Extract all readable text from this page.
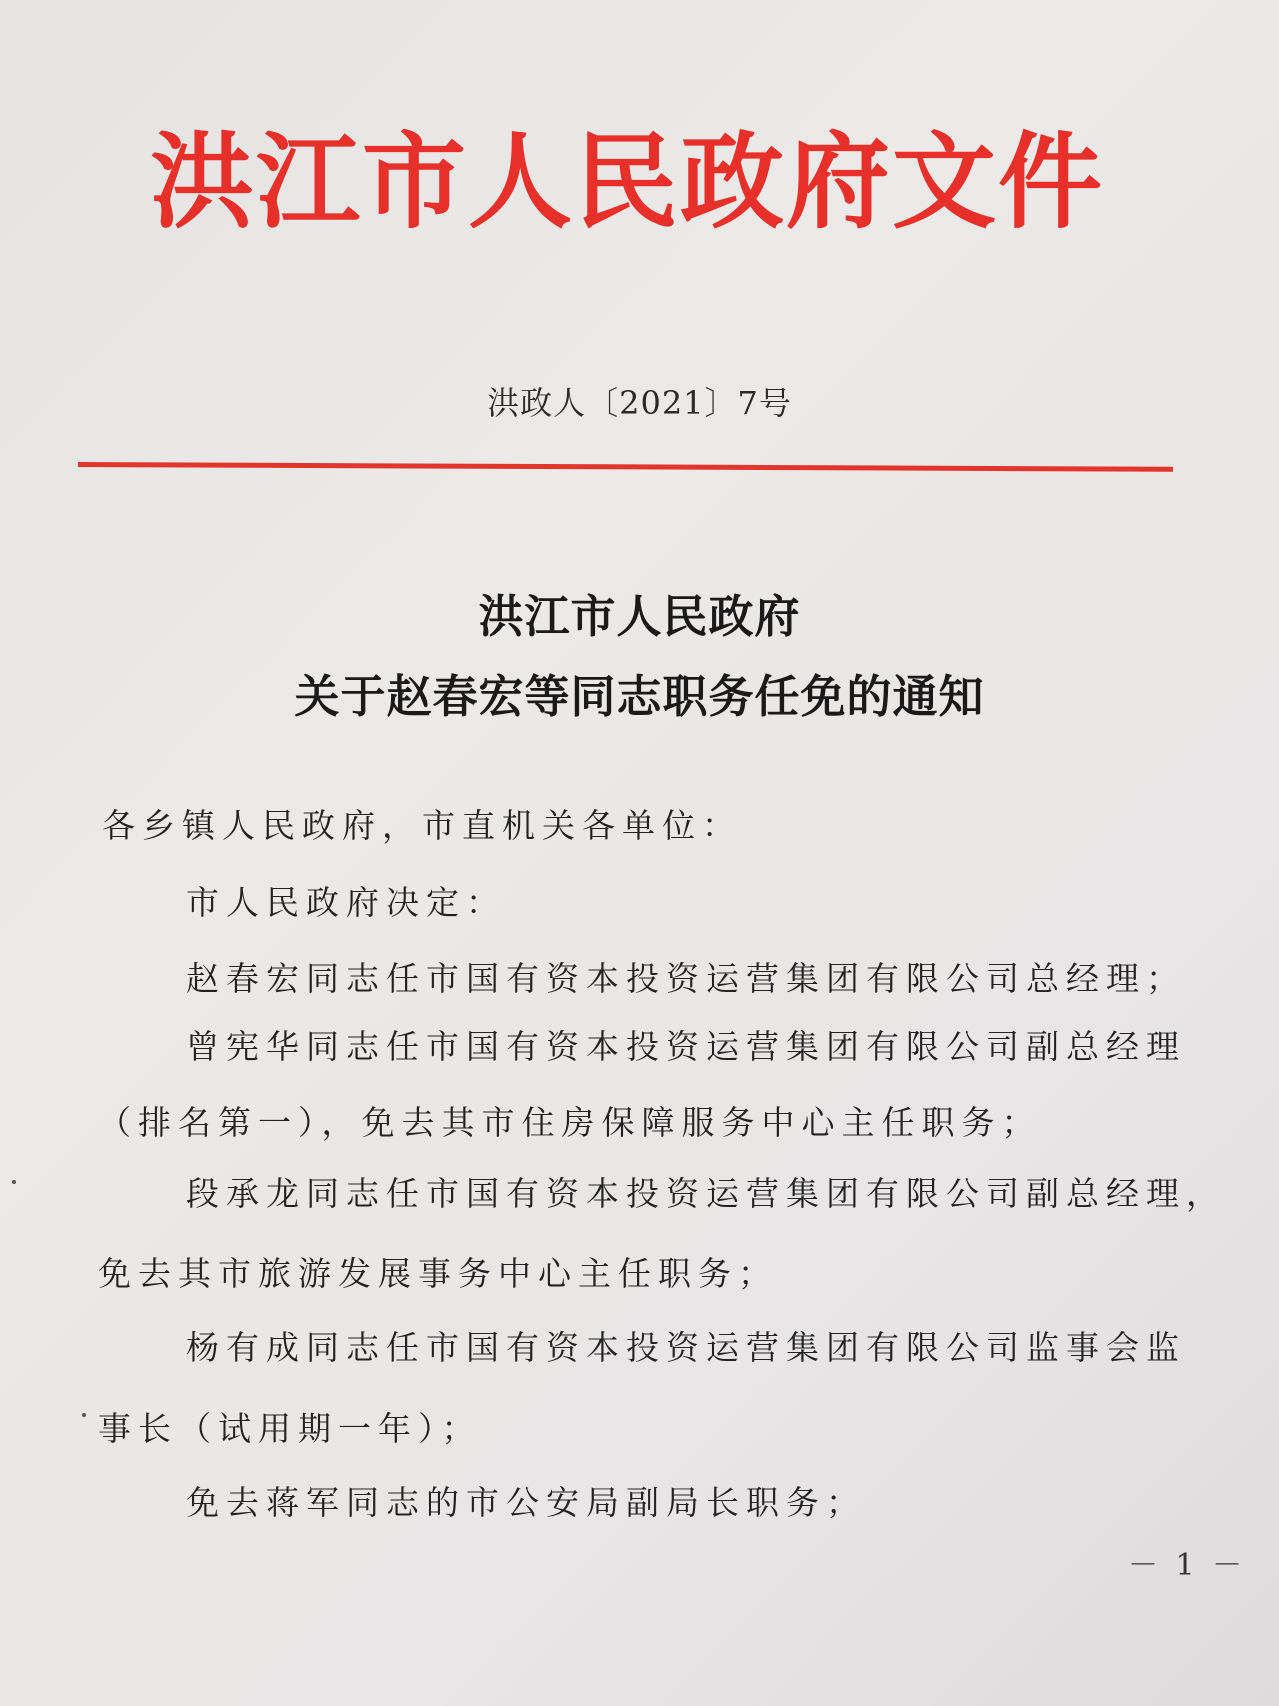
洪江市人民政府文件
洪政人〔2021〕7号
洪江市人民政府
关于赵春宏等同志职务任免的通知
各乡镇人民政府，市直机关各单位：
市人民政府决定：
赵春宏同志任市国有资本投资运营集团有限公司总经理；
曾宪华同志任市国有资本投资运营集团有限公司副总经理
（排名第一），免去其市住房保障服务中心主任职务；
段承龙同志任市国有资本投资运营集团有限公司副总经理，
免去其市旅游发展事务中心主任职务；
杨有成同志任市国有资本投资运营集团有限公司监事会监
事长（试用期一年）；
免去蒋军同志的市公安局副局长职务；
－ 1 －
